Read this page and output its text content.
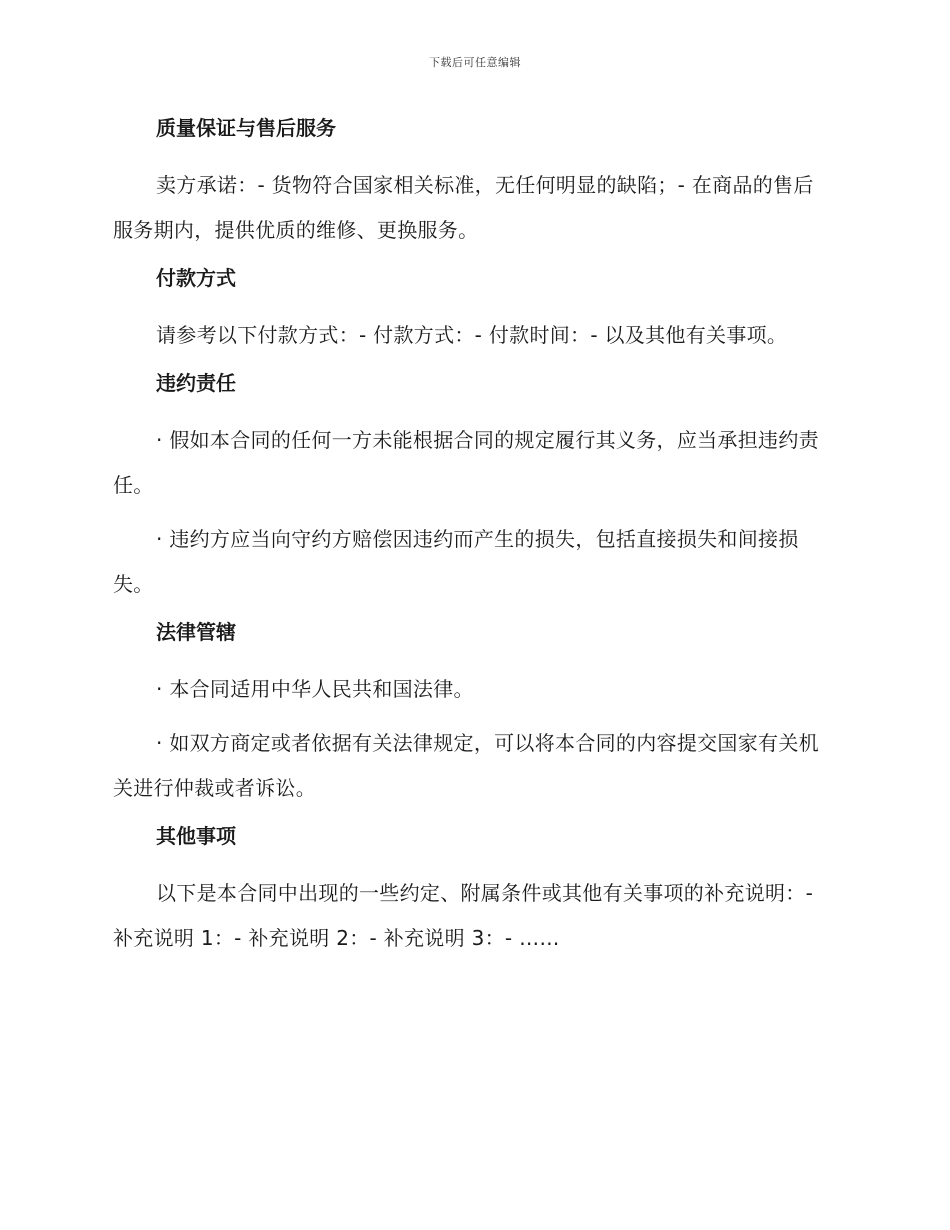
下载后可任意编辑
质量保证与售后服务

卖方承诺：- 货物符合国家相关标准，无任何明显的缺陷；- 在商品的售后服务期内，提供优质的维修、更换服务。

付款方式

请参考以下付款方式：- 付款方式：- 付款时间：- 以及其他有关事项。

违约责任

· 假如本合同的任何一方未能根据合同的规定履行其义务，应当承担违约责任。

· 违约方应当向守约方赔偿因违约而产生的损失，包括直接损失和间接损失。

法律管辖

· 本合同适用中华人民共和国法律。

· 如双方商定或者依据有关法律规定，可以将本合同的内容提交国家有关机关进行仲裁或者诉讼。

其他事项

以下是本合同中出现的一些约定、附属条件或其他有关事项的补充说明：- 补充说明 1：- 补充说明 2：- 补充说明 3：- ……
